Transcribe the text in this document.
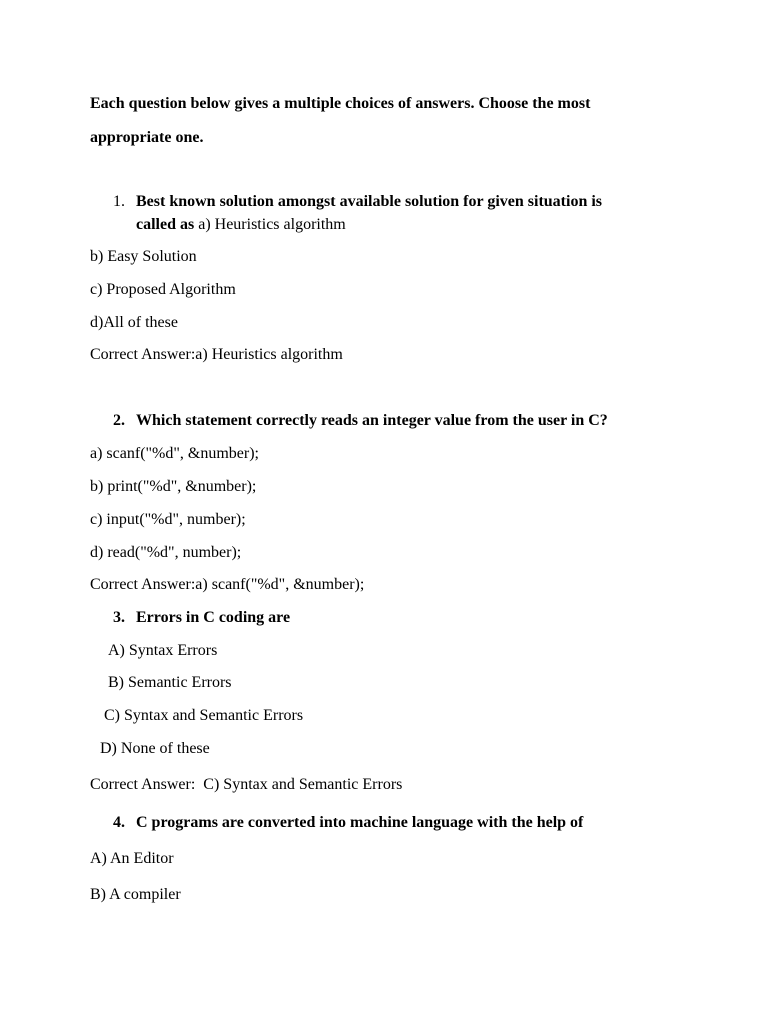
Each question below gives a multiple choices of answers. Choose the most
appropriate one.
1. Best known solution amongst available solution for given situation is
called as a) Heuristics algorithm
b) Easy Solution
c) Proposed Algorithm
d)All of these
Correct Answer:a) Heuristics algorithm
2. Which statement correctly reads an integer value from the user in C?
a) scanf("%d", &number);
b) print("%d", &number);
c) input("%d", number);
d) read("%d", number);
Correct Answer:a) scanf("%d", &number);
3. Errors in C coding are
A) Syntax Errors
B) Semantic Errors
C) Syntax and Semantic Errors
D) None of these
Correct Answer:  C) Syntax and Semantic Errors
4. C programs are converted into machine language with the help of
A) An Editor
B) A compiler
